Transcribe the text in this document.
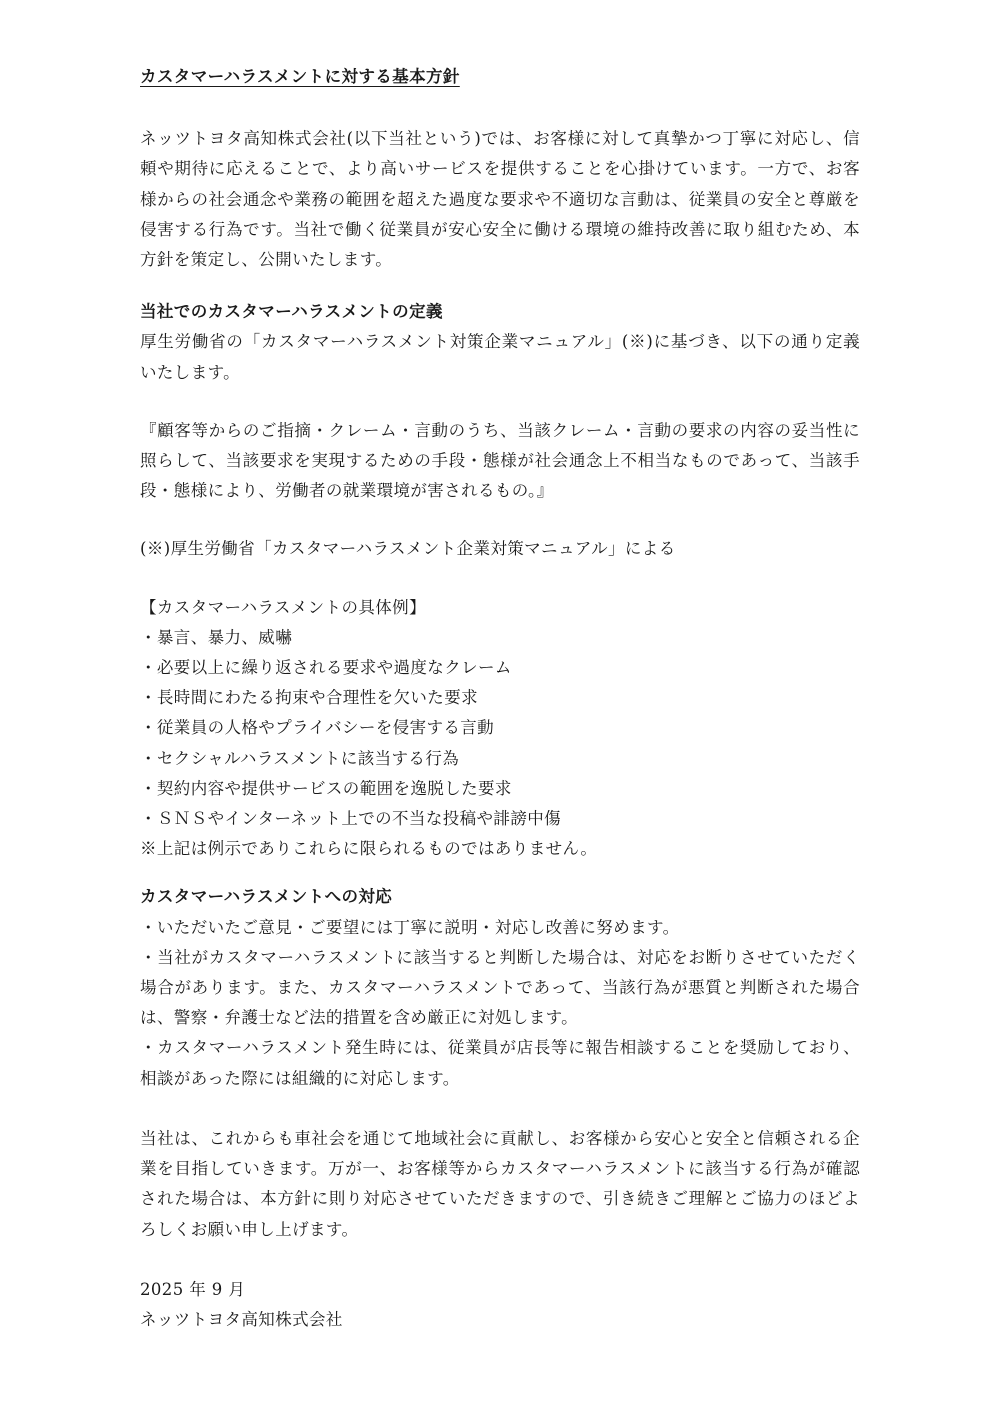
カスタマーハラスメントに対する基本方針

ネッツトヨタ高知株式会社(以下当社という)では、お客様に対して真摯かつ丁寧に対応し、信頼や期待に応えることで、より高いサービスを提供することを心掛けています。一方で、お客様からの社会通念や業務の範囲を超えた過度な要求や不適切な言動は、従業員の安全と尊厳を侵害する行為です。当社で働く従業員が安心安全に働ける環境の維持改善に取り組むため、本方針を策定し、公開いたします。

当社でのカスタマーハラスメントの定義

厚生労働省の「カスタマーハラスメント対策企業マニュアル」(※)に基づき、以下の通り定義いたします。

『顧客等からのご指摘・クレーム・言動のうち、当該クレーム・言動の要求の内容の妥当性に照らして、当該要求を実現するための手段・態様が社会通念上不相当なものであって、当該手段・態様により、労働者の就業環境が害されるもの。』

(※)厚生労働省「カスタマーハラスメント企業対策マニュアル」による

【カスタマーハラスメントの具体例】

・暴言、暴力、威嚇
・必要以上に繰り返される要求や過度なクレーム
・長時間にわたる拘束や合理性を欠いた要求
・従業員の人格やプライバシーを侵害する言動
・セクシャルハラスメントに該当する行為
・契約内容や提供サービスの範囲を逸脱した要求
・ＳＮＳやインターネット上での不当な投稿や誹謗中傷

※上記は例示でありこれらに限られるものではありません。

カスタマーハラスメントへの対応

・いただいたご意見・ご要望には丁寧に説明・対応し改善に努めます。

・当社がカスタマーハラスメントに該当すると判断した場合は、対応をお断りさせていただく場合があります。また、カスタマーハラスメントであって、当該行為が悪質と判断された場合は、警察・弁護士など法的措置を含め厳正に対処します。

・カスタマーハラスメント発生時には、従業員が店長等に報告相談することを奨励しており、相談があった際には組織的に対応します。

当社は、これからも車社会を通じて地域社会に貢献し、お客様から安心と安全と信頼される企業を目指していきます。万が一、お客様等からカスタマーハラスメントに該当する行為が確認された場合は、本方針に則り対応させていただきますので、引き続きご理解とご協力のほどよろしくお願い申し上げます。

2025 年 9 月

ネッツトヨタ高知株式会社
